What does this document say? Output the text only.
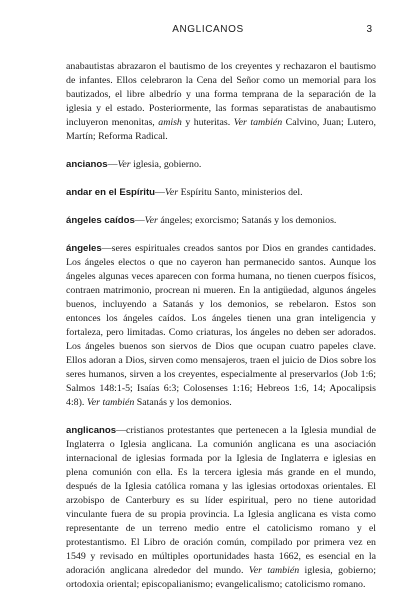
ANGLICANOS	3

anabautistas abrazaron el bautismo de los creyentes y rechazaron el bautismo de infantes. Ellos celebraron la Cena del Señor como un memorial para los bautizados, el libre albedrío y una forma temprana de la separación de la iglesia y el estado. Posteriormente, las formas separatistas de anabautismo incluyeron menonitas, amish y huteritas. Ver también Calvino, Juan; Lutero, Martín; Reforma Radical.

ancianos—Ver iglesia, gobierno.

andar en el Espíritu—Ver Espíritu Santo, ministerios del.

ángeles caídos—Ver ángeles; exorcismo; Satanás y los demonios.

ángeles—seres espirituales creados santos por Dios en grandes cantidades. Los ángeles electos o que no cayeron han permanecido santos. Aunque los ángeles algunas veces aparecen con forma humana, no tienen cuerpos físicos, contraen matrimonio, procrean ni mueren. En la antigüedad, algunos ángeles buenos, incluyendo a Satanás y los demonios, se rebelaron. Estos son entonces los ángeles caídos. Los ángeles tienen una gran inteligencia y fortaleza, pero limitadas. Como criaturas, los ángeles no deben ser adorados. Los ángeles buenos son siervos de Dios que ocupan cuatro papeles clave. Ellos adoran a Dios, sirven como mensajeros, traen el juicio de Dios sobre los seres humanos, sirven a los creyentes, especialmente al preservarlos (Job 1:6; Salmos 148:1-5; Isaías 6:3; Colosenses 1:16; Hebreos 1:6, 14; Apocalipsis 4:8). Ver también Satanás y los demonios.

anglicanos—cristianos protestantes que pertenecen a la Iglesia mundial de Inglaterra o Iglesia anglicana. La comunión anglicana es una asociación internacional de iglesias formada por la Iglesia de Inglaterra e iglesias en plena comunión con ella. Es la tercera iglesia más grande en el mundo, después de la Iglesia católica romana y las iglesias ortodoxas orientales. El arzobispo de Canterbury es su líder espiritual, pero no tiene autoridad vinculante fuera de su propia provincia. La Iglesia anglicana es vista como representante de un terreno medio entre el catolicismo romano y el protestantismo. El Libro de oración común, compilado por primera vez en 1549 y revisado en múltiples oportunidades hasta 1662, es esencial en la adoración anglicana alrededor del mundo. Ver también iglesia, gobierno; ortodoxia oriental; episcopalianismo; evangelicalismo; catolicismo romano.
